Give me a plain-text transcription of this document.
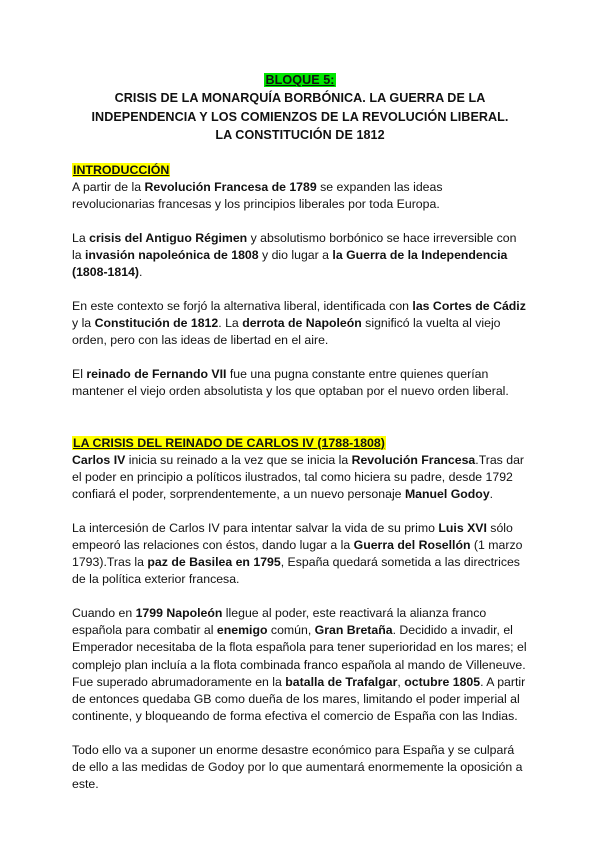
BLOQUE 5:
CRISIS DE LA MONARQUÍA BORBÓNICA. LA GUERRA DE LA
INDEPENDENCIA Y LOS COMIENZOS DE LA REVOLUCIÓN LIBERAL.
LA CONSTITUCIÓN DE 1812
INTRODUCCIÓN

A partir de la Revolución Francesa de 1789 se expanden las ideas revolucionarias francesas y los principios liberales por toda Europa.

La crisis del Antiguo Régimen y absolutismo borbónico se hace irreversible con la invasión napoleónica de 1808 y dio lugar a la Guerra de la Independencia (1808-1814).

En este contexto se forjó la alternativa liberal, identificada con las Cortes de Cádiz y la Constitución de 1812. La derrota de Napoleón significó la vuelta al viejo orden, pero con las ideas de libertad en el aire.

El reinado de Fernando VII fue una pugna constante entre quienes querían mantener el viejo orden absolutista y los que optaban por el nuevo orden liberal.

LA CRISIS DEL REINADO DE CARLOS IV (1788-1808)

Carlos IV inicia su reinado a la vez que se inicia la Revolución Francesa.Tras dar el poder en principio a políticos ilustrados, tal como hiciera su padre, desde 1792 confiará el poder, sorprendentemente, a un nuevo personaje Manuel Godoy.

La intercesión de Carlos IV para intentar salvar la vida de su primo Luis XVI sólo empeoró las relaciones con éstos, dando lugar a la Guerra del Rosellón (1 marzo 1793).Tras la paz de Basilea en 1795, España quedará sometida a las directrices de la política exterior francesa.

Cuando en 1799 Napoleón llegue al poder, este reactivará la alianza franco española para combatir al enemigo común, Gran Bretaña. Decidido a invadir, el Emperador necesitaba de la flota española para tener superioridad en los mares; el complejo plan incluía a la flota combinada franco española al mando de Villeneuve. Fue superado abrumadoramente en la batalla de Trafalgar, octubre 1805. A partir de entonces quedaba GB como dueña de los mares, limitando el poder imperial al continente, y bloqueando de forma efectiva el comercio de España con las Indias.

Todo ello va a suponer un enorme desastre económico para España y se culpará de ello a las medidas de Godoy por lo que aumentará enormemente la oposición a este.
